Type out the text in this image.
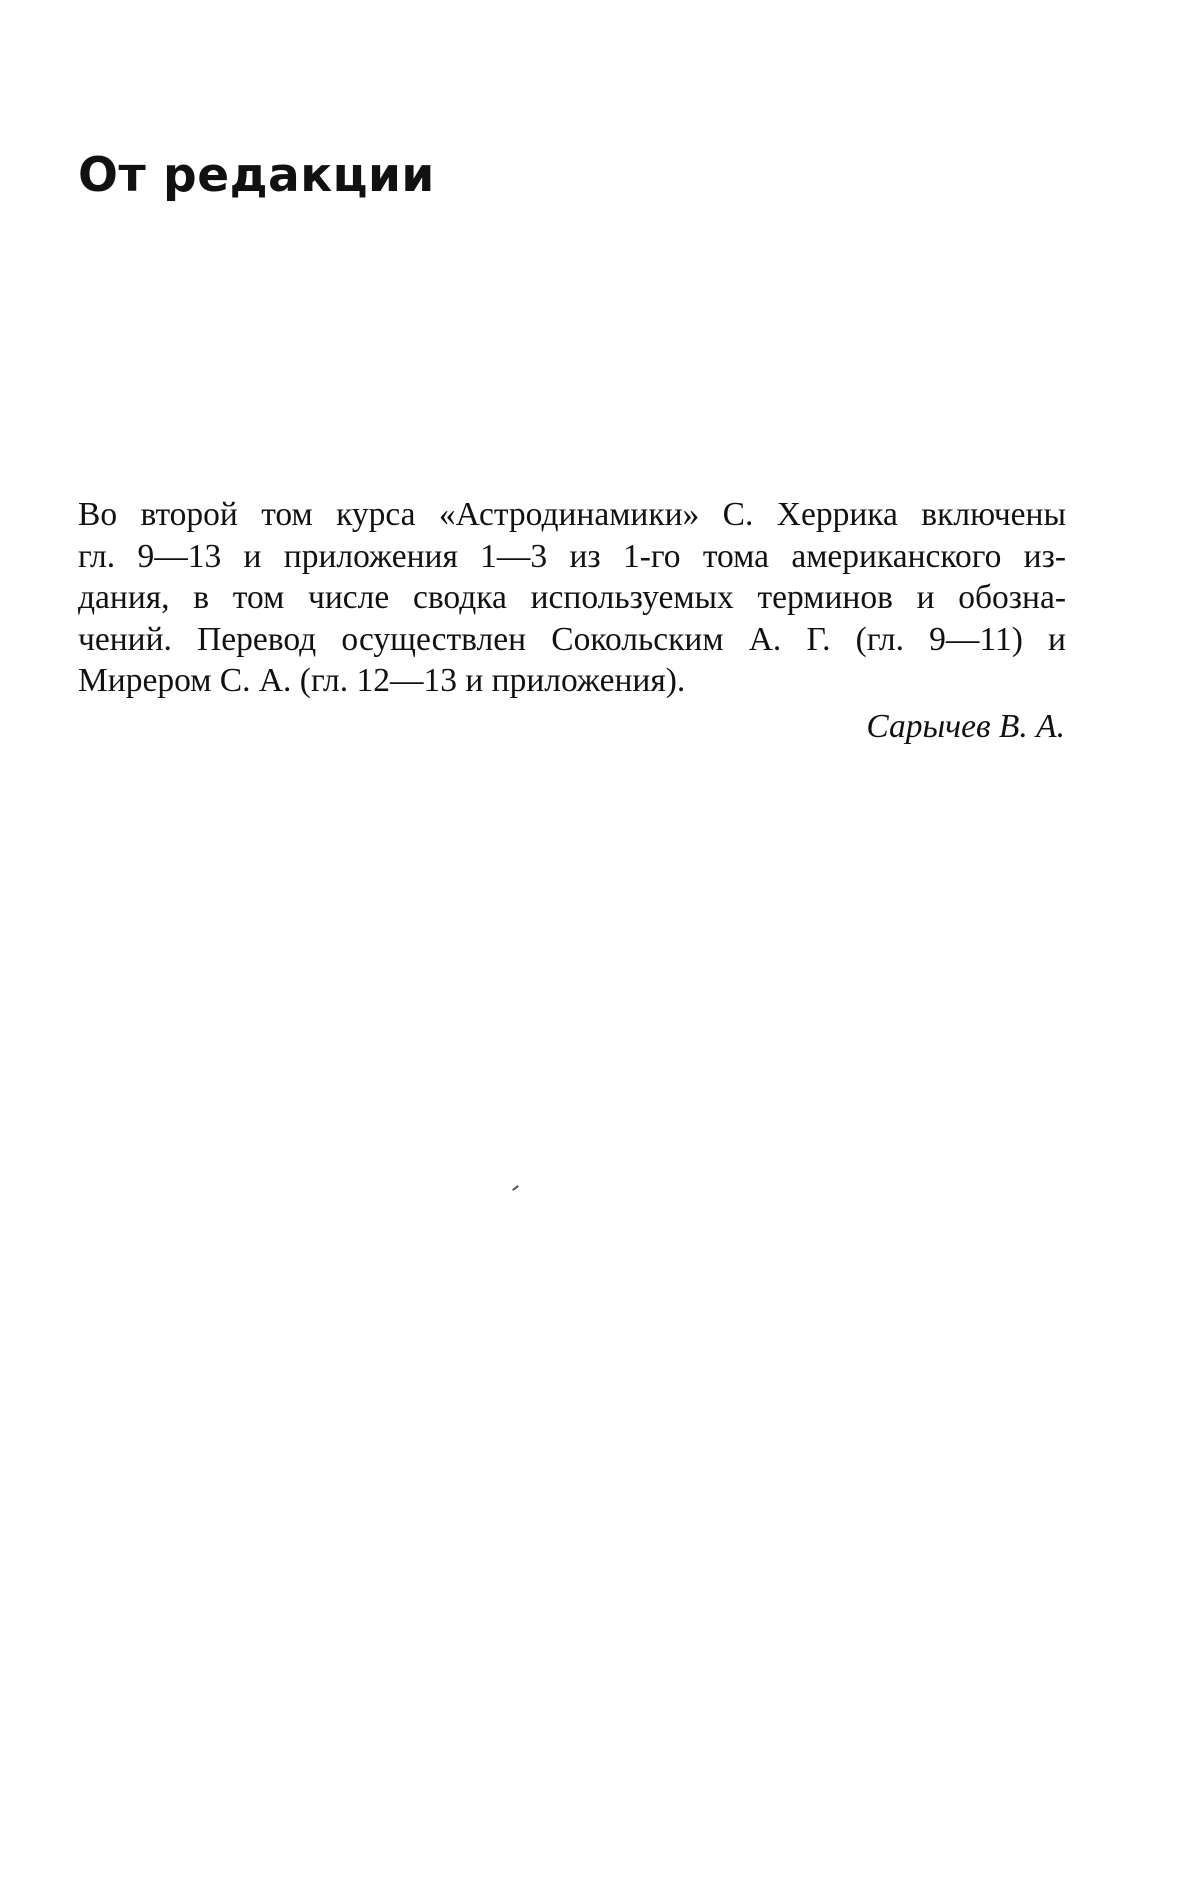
От редакции

Во второй том курса «Астродинамики» С. Херрика включены
гл. 9—13 и приложения 1—3 из 1-го тома американского из-
дания, в том числе сводка используемых терминов и обозна-
чений. Перевод осуществлен Сокольским А. Г. (гл. 9—11) и
Мирером С. А. (гл. 12—13 и приложения).

Сарычев В. А.
